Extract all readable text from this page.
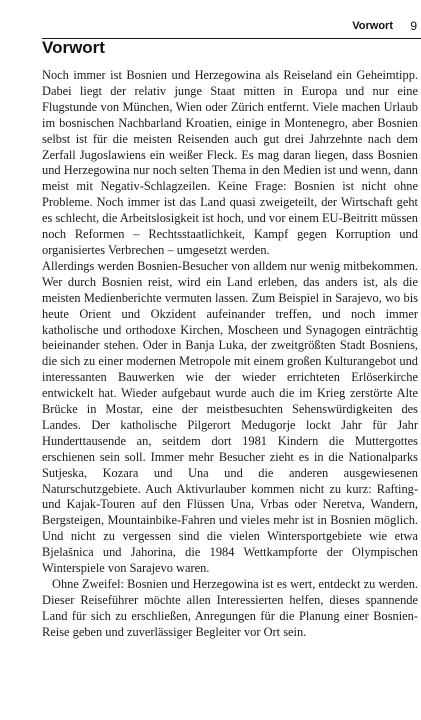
Vorwort 9
Vorwort

Noch immer ist Bosnien und Herzegowina als Reiseland ein Geheimtipp. Dabei liegt der relativ junge Staat mitten in Europa und nur eine Flugstunde von München, Wien oder Zürich entfernt. Viele machen Urlaub im bosnischen Nachbarland Kroatien, einige in Montenegro, aber Bosnien selbst ist für die meisten Reisenden auch gut drei Jahrzehnte nach dem Zerfall Jugoslawiens ein weißer Fleck. Es mag daran liegen, dass Bosnien und Herzegowina nur noch selten Thema in den Medien ist und wenn, dann meist mit Negativ-Schlagzeilen. Keine Frage: Bosnien ist nicht ohne Probleme. Noch immer ist das Land quasi zweigeteilt, der Wirtschaft geht es schlecht, die Arbeitslosigkeit ist hoch, und vor einem EU-Beitritt müssen noch Reformen – Rechtsstaatlichkeit, Kampf gegen Korruption und organisiertes Verbrechen – umgesetzt werden.

Allerdings werden Bosnien-Besucher von alldem nur wenig mitbekommen. Wer durch Bosnien reist, wird ein Land erleben, das anders ist, als die meisten Medienberichte vermuten lassen. Zum Beispiel in Sarajevo, wo bis heute Orient und Okzident aufeinander treffen, und noch immer katholische und orthodoxe Kirchen, Moscheen und Synagogen einträchtig beieinander stehen. Oder in Banja Luka, der zweitgrößten Stadt Bosniens, die sich zu einer modernen Metropole mit einem großen Kulturangebot und interessanten Bauwerken wie der wieder errichteten Erlöserkirche entwickelt hat. Wieder aufgebaut wurde auch die im Krieg zerstörte Alte Brücke in Mostar, eine der meistbesuchten Sehenswürdigkeiten des Landes. Der katholische Pilgerort Medugorje lockt Jahr für Jahr Hunderttausende an, seitdem dort 1981 Kindern die Muttergottes erschienen sein soll. Immer mehr Besucher zieht es in die Nationalparks Sutjeska, Kozara und Una und die anderen ausgewiesenen Naturschutzgebiete. Auch Aktivurlauber kommen nicht zu kurz: Rafting- und Kajak-Touren auf den Flüssen Una, Vrbas oder Neretva, Wandern, Bergsteigen, Mountainbike-Fahren und vieles mehr ist in Bosnien möglich. Und nicht zu vergessen sind die vielen Wintersportgebiete wie etwa Bjelašnica und Jahorina, die 1984 Wettkampforte der Olympischen Winterspiele von Sarajevo waren.

Ohne Zweifel: Bosnien und Herzegowina ist es wert, entdeckt zu werden. Dieser Reiseführer möchte allen Interessierten helfen, dieses spannende Land für sich zu erschließen, Anregungen für die Planung einer Bosnien-Reise geben und zuverlässiger Begleiter vor Ort sein.
